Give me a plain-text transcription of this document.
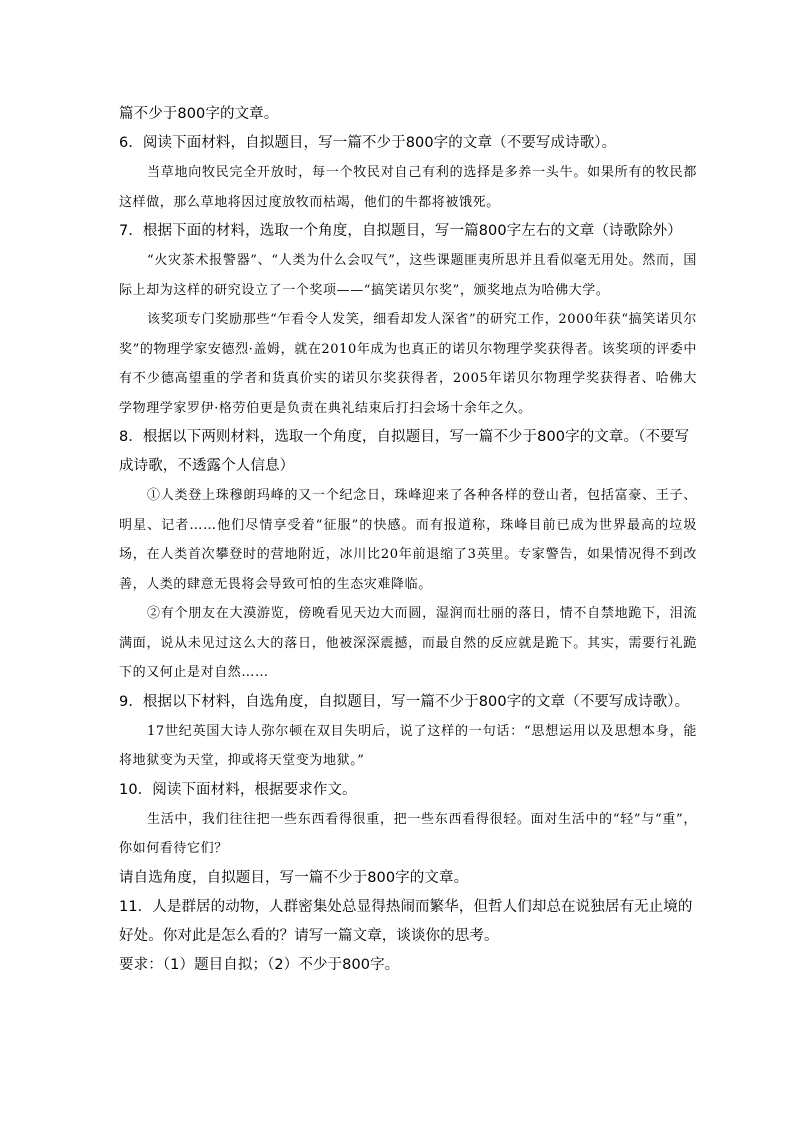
篇不少于800字的文章。

6．阅读下面材料，自拟题目，写一篇不少于800字的文章（不要写成诗歌）。

当草地向牧民完全开放时，每一个牧民对自己有利的选择是多养一头牛。如果所有的牧民都这样做，那么草地将因过度放牧而枯竭，他们的牛都将被饿死。

7．根据下面的材料，选取一个角度，自拟题目，写一篇800字左右的文章（诗歌除外）

“火灾茶术报警器”、“人类为什么会叹气”，这些课题匪夷所思并且看似毫无用处。然而，国际上却为这样的研究设立了一个奖项——“搞笑诺贝尔奖”，颁奖地点为哈佛大学。

该奖项专门奖励那些“乍看令人发笑，细看却发人深省”的研究工作，2000年获“搞笑诺贝尔奖”的物理学家安德烈·盖姆，就在2010年成为也真正的诺贝尔物理学奖获得者。该奖项的评委中有不少德高望重的学者和货真价实的诺贝尔奖获得者，2005年诺贝尔物理学奖获得者、哈佛大学物理学家罗伊·格劳伯更是负责在典礼结束后打扫会场十余年之久。

8．根据以下两则材料，选取一个角度，自拟题目，写一篇不少于800字的文章。（不要写成诗歌，不透露个人信息）

①人类登上珠穆朗玛峰的又一个纪念日，珠峰迎来了各种各样的登山者，包括富豪、王子、明星、记者……他们尽情享受着“征服”的快感。而有报道称，珠峰目前已成为世界最高的垃圾场，在人类首次攀登时的营地附近，冰川比20年前退缩了3英里。专家警告，如果情况得不到改善，人类的肆意无畏将会导致可怕的生态灾难降临。

②有个朋友在大漠游览，傍晚看见天边大而圆，湿润而壮丽的落日，情不自禁地跪下，泪流满面，说从未见过这么大的落日，他被深深震撼，而最自然的反应就是跪下。其实，需要行礼跪下的又何止是对自然……

9．根据以下材料，自选角度，自拟题目，写一篇不少于800字的文章（不要写成诗歌）。

17世纪英国大诗人弥尔顿在双目失明后，说了这样的一句话：“思想运用以及思想本身，能将地狱变为天堂，抑或将天堂变为地狱。”

10．阅读下面材料，根据要求作文。

生活中，我们往往把一些东西看得很重，把一些东西看得很轻。面对生活中的“轻”与“重”，你如何看待它们？

请自选角度，自拟题目，写一篇不少于800字的文章。

11．人是群居的动物，人群密集处总显得热闹而繁华，但哲人们却总在说独居有无止境的好处。你对此是怎么看的？请写一篇文章，谈谈你的思考。

要求：（1）题目自拟；（2）不少于800字。
